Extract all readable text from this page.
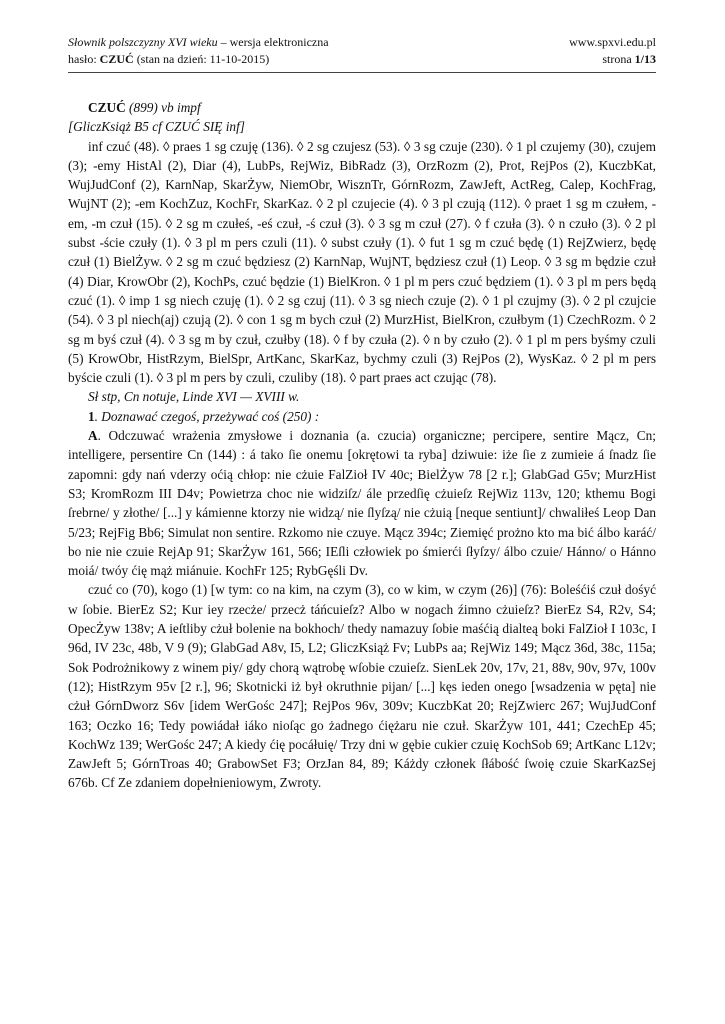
Słownik polszczyzny XVI wieku – wersja elektroniczna	www.spxvi.edu.pl
hasło: CZUĆ (stan na dzień: 11-10-2015)	strona 1/13

CZUĆ (899) vb impf

[GliczKsiąż B5 cf CZUĆ SIĘ inf]

inf czuć (48). ◊ praes 1 sg czuję (136). ◊ 2 sg czujesz (53). ◊ 3 sg czuje (230). ◊ 1 pl czujemy (30), czujem (3); -emy HistAl (2), Diar (4), LubPs, RejWiz, BibRadz (3), OrzRozm (2), Prot, RejPos (2), KuczbKat, WujJudConf (2), KarnNap, SkarŻyw, NiemObr, WisznTr, GórnRozm, ZawJeft, ActReg, Calep, KochFrag, WujNT (2); -em KochZuz, KochFr, SkarKaz. ◊ 2 pl czujecie (4). ◊ 3 pl czują (112). ◊ praet 1 sg m czułem, -em, -m czuł (15). ◊ 2 sg m czułeś, -eś czuł, -ś czuł (3). ◊ 3 sg m czuł (27). ◊ f czuła (3). ◊ n czuło (3). ◊ 2 pl subst -ście czuły (1). ◊ 3 pl m pers czuli (11). ◊ subst czuły (1). ◊ fut 1 sg m czuć będę (1) RejZwierz, będę czuł (1) BielŻyw. ◊ 2 sg m czuć będziesz (2) KarnNap, WujNT, będziesz czuł (1) Leop. ◊ 3 sg m będzie czuł (4) Diar, KrowObr (2), KochPs, czuć będzie (1) BielKron. ◊ 1 pl m pers czuć będziem (1). ◊ 3 pl m pers będą czuć (1). ◊ imp 1 sg niech czuję (1). ◊ 2 sg czuj (11). ◊ 3 sg niech czuje (2). ◊ 1 pl czujmy (3). ◊ 2 pl czujcie (54). ◊ 3 pl niech(aj) czują (2). ◊ con 1 sg m bych czuł (2) MurzHist, BielKron, czułbym (1) CzechRozm. ◊ 2 sg m byś czuł (4). ◊ 3 sg m by czuł, czułby (18). ◊ f by czuła (2). ◊ n by czuło (2). ◊ 1 pl m pers byśmy czuli (5) KrowObr, HistRzym, BielSpr, ArtKanc, SkarKaz, bychmy czuli (3) RejPos (2), WysKaz. ◊ 2 pl m pers byście czuli (1). ◊ 3 pl m pers by czuli, czuliby (18). ◊ part praes act czując (78).

Sł stp, Cn notuje, Linde XVI — XVIII w.

1. Doznawać czegoś, przeżywać coś (250) :

A. Odczuwać wrażenia zmysłowe i doznania (a. czucia) organiczne; percipere, sentire Mącz, Cn; intelligere, persentire Cn (144) : á tako ſie onemu [okrętowi ta ryba] dziwuie: iże ſie z zumieie á ſnadz ſie zapomni: gdy nań vderzy oćią chłop: nie cżuie FalZioł IV 40c; BielŻyw 78 [2 r.]; GlabGad G5v; MurzHist S3; KromRozm III D4v; Powietrza choc nie widziſz/ ále przedſię cżuieſz RejWiz 113v, 120; kthemu Bogi ſrebrne/ y złothe/ [...] y kámienne ktorzy nie widzą/ nie ſlyſzą/ nie cżuią [neque sentiunt]/ chwaliłeś Leop Dan 5/23; RejFig Bb6; Simulat non sentire. Rzkomo nie czuye. Mącz 394c; Ziemięć prożno kto ma bić álbo karáć/ bo nie nie czuie RejAp 91; SkarŻyw 161, 566; IEſli człowiek po śmierći ſłyſzy/ álbo czuie/ Hánno/ o Hánno moiá/ twóy ćię mąż miánuie. KochFr 125; RybGęśli Dv.

czuć co (70), kogo (1) [w tym: co na kim, na czym (3), co w kim, w czym (26)] (76): Boleśćiś czuł dośyć w ſobie. BierEz S2; Kur iey rzecże/ przecż táńcuieſz? Albo w nogach źimno cżuieſz? BierEz S4, R2v, S4; OpecŻyw 138v; A ieſtliby cżuł bolenie na bokhoch/ thedy namazuy ſobie maśćią dialteą boki FalZioł I 103c, I 96d, IV 23c, 48b, V 9 (9); GlabGad A8v, I5, L2; GliczKsiąż Fv; LubPs aa; RejWiz 149; Mącz 36d, 38c, 115a; Sok Podrożnikowy z winem piy/ gdy chorą wątrobę wſobie czuieſz. SienLek 20v, 17v, 21, 88v, 90v, 97v, 100v (12); HistRzym 95v [2 r.], 96; Skotnicki iż był okruthnie pijan/ [...] kęs ieden onego [wsadzenia w pęta] nie cżuł GórnDworz S6v [idem WerGośc 247]; RejPos 96v, 309v; KuczbKat 20; RejZwierc 267; WujJudConf 163; Oczko 16; Tedy powiádał iáko nioſąc go żadnego ćiężaru nie czuł. SkarŻyw 101, 441; CzechEp 45; KochWz 139; WerGośc 247; A kiedy ćię pocáłuię/ Trzy dni w gębie cukier czuię KochSob 69; ArtKanc L12v; ZawJeft 5; GórnTroas 40; GrabowSet F3; OrzJan 84, 89; Káżdy członek ſłábość ſwoię czuie SkarKazSej 676b. Cf Ze zdaniem dopełnieniowym, Zwroty.
